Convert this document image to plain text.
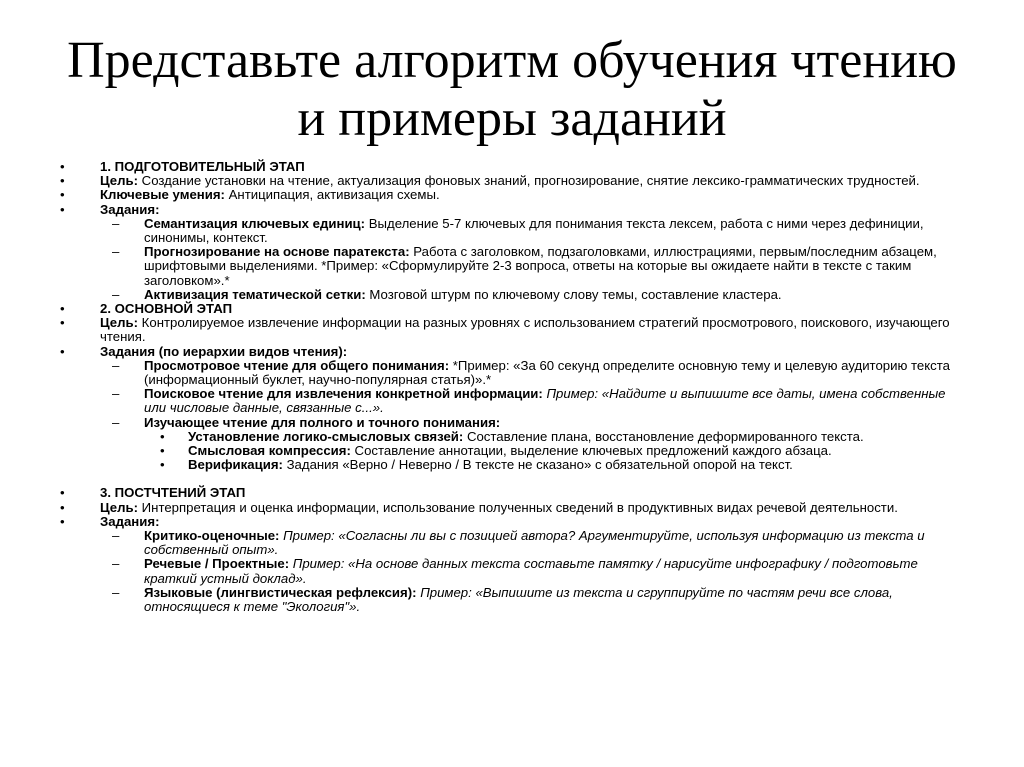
Представьте алгоритм обучения чтению и примеры заданий
•	1. ПОДГОТОВИТЕЛЬНЫЙ ЭТАП
•	Цель: Создание установки на чтение, актуализация фоновых знаний, прогнозирование, снятие лексико-грамматических трудностей.
•	Ключевые умения: Антиципация, активизация схемы.
•	Задания:
– Семантизация ключевых единиц: Выделение 5-7 ключевых для понимания текста лексем, работа с ними через дефиниции, синонимы, контекст.
– Прогнозирование на основе паратекста: Работа с заголовком, подзаголовками, иллюстрациями, первым/последним абзацем, шрифтовыми выделениями. *Пример: «Сформулируйте 2-3 вопроса, ответы на которые вы ожидаете найти в тексте с таким заголовком».*
– Активизация тематической сетки: Мозговой штурм по ключевому слову темы, составление кластера.
•	2. ОСНОВНОЙ ЭТАП
•	Цель: Контролируемое извлечение информации на разных уровнях с использованием стратегий просмотрового, поискового, изучающего чтения.
•	Задания (по иерархии видов чтения):
– Просмотровое чтение для общего понимания: *Пример: «За 60 секунд определите основную тему и целевую аудиторию текста (информационный буклет, научно-популярная статья)».*
– Поисковое чтение для извлечения конкретной информации: Пример: «Найдите и выпишите все даты, имена собственные или числовые данные, связанные с...».
– Изучающее чтение для полного и точного понимания:
• Установление логико-смысловых связей: Составление плана, восстановление деформированного текста.
• Смысловая компрессия: Составление аннотации, выделение ключевых предложений каждого абзаца.
• Верификация: Задания «Верно / Неверно / В тексте не сказано» с обязательной опорой на текст.
•	3. ПОСТЧТЕНИЙ ЭТАП
•	Цель: Интерпретация и оценка информации, использование полученных сведений в продуктивных видах речевой деятельности.
•	Задания:
– Критико-оценочные: Пример: «Согласны ли вы с позицией автора? Аргументируйте, используя информацию из текста и собственный опыт».
– Речевые / Проектные: Пример: «На основе данных текста составьте памятку / нарисуйте инфографику / подготовьте краткий устный доклад».
– Языковые (лингвистическая рефлексия): Пример: «Выпишите из текста и сгруппируйте по частям речи все слова, относящиеся к теме "Экология"».
